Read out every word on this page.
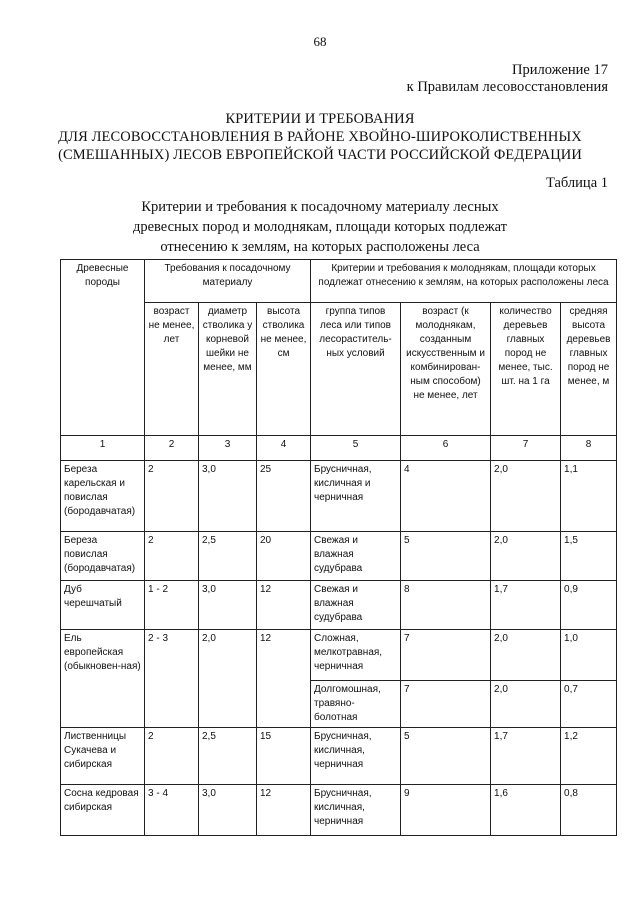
68
Приложение 17
к Правилам лесовосстановления
КРИТЕРИИ И ТРЕБОВАНИЯ
ДЛЯ ЛЕСОВОССТАНОВЛЕНИЯ В РАЙОНЕ ХВОЙНО-ШИРОКОЛИСТВЕННЫХ
(СМЕШАННЫХ) ЛЕСОВ ЕВРОПЕЙСКОЙ ЧАСТИ РОССИЙСКОЙ ФЕДЕРАЦИИ
Таблица 1
Критерии и требования к посадочному материалу лесных
древесных пород и молоднякам, площади которых подлежат
отнесению к землям, на которых расположены леса
Древесные породы	Требования к посадочному материалу			Критерии и требования к молоднякам, площади которых подлежат отнесению к землям, на которых расположены леса			
	возраст не менее, лет	диаметр стволика у корневой шейки не менее, мм	высота стволика не менее, см	группа типов леса или типов лесораститель-ных условий	возраст (к молоднякам, созданным искусственным и комбинирован-ным способом) не менее, лет	количество деревьев главных пород не менее, тыс. шт. на 1 га	средняя высота деревьев главных пород не менее, м
1	2	3	4	5	6	7	8
Береза карельская и повислая (бородавчатая)	2	3,0	25	Брусничная, кисличная и черничная	4	2,0	1,1
Береза повислая (бородавчатая)	2	2,5	20	Свежая и влажная судубрава	5	2,0	1,5
Дуб черешчатый	1 - 2	3,0	12	Свежая и влажная судубрава	8	1,7	0,9
Ель европейская (обыкновен-ная)	2 - 3	2,0	12	Сложная, мелкотравная, черничная	7	2,0	1,0
				Долгомошная, травяно-болотная	7	2,0	0,7
Лиственницы Сукачева и сибирская	2	2,5	15	Брусничная, кисличная, черничная	5	1,7	1,2
Сосна кедровая сибирская	3 - 4	3,0	12	Брусничная, кисличная, черничная	9	1,6	0,8
